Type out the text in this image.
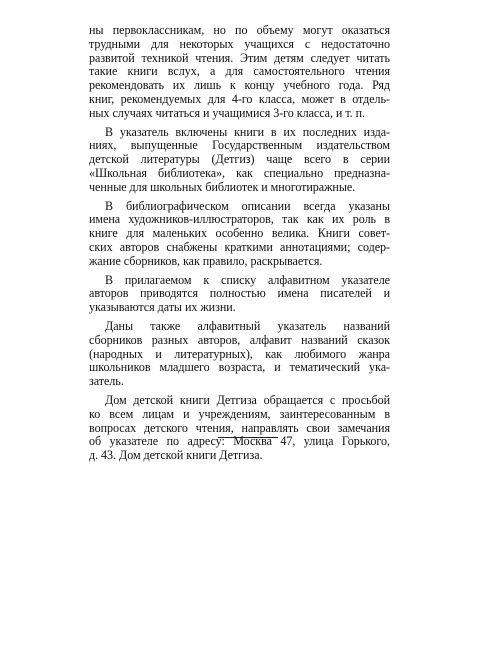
ны первоклассникам, но по объему могут оказаться
трудными для некоторых учащихся с недостаточно
развитой техникой чтения. Этим детям следует читать
такие книги вслух, а для самостоятельного чтения
рекомендовать их лишь к концу учебного года. Ряд
книг, рекомендуемых для 4-го класса, может в отдель-
ных случаях читаться и учащимися 3-го класса, и т. п.
В указатель включены книги в их последних изда-
ниях, выпущенные Государственным издательством
детской литературы (Детгиз) чаще всего в серии
«Школьная библиотека», как специально предназна-
ченные для школьных библиотек и многотиражные.
В библиографическом описании всегда указаны
имена художников-иллюстраторов, так как их роль в
книге для маленьких особенно велика. Книги совет-
ских авторов снабжены краткими аннотациями; содер-
жание сборников, как правило, раскрывается.
В прилагаемом к списку алфавитном указателе
авторов приводятся полностью имена писателей и
указываются даты их жизни.
Даны также алфавитный указатель названий
сборников разных авторов, алфавит названий сказок
(народных и литературных), как любимого жанра
школьников младшего возраста, и тематический ука-
затель.
Дом детской книги Детгиза обращается с просьбой
ко всем лицам и учреждениям, заинтересованным в
вопросах детского чтения, направлять свои замечания
об указателе по адресу: Москва 47, улица Горького,
д. 43. Дом детской книги Детгиза.
